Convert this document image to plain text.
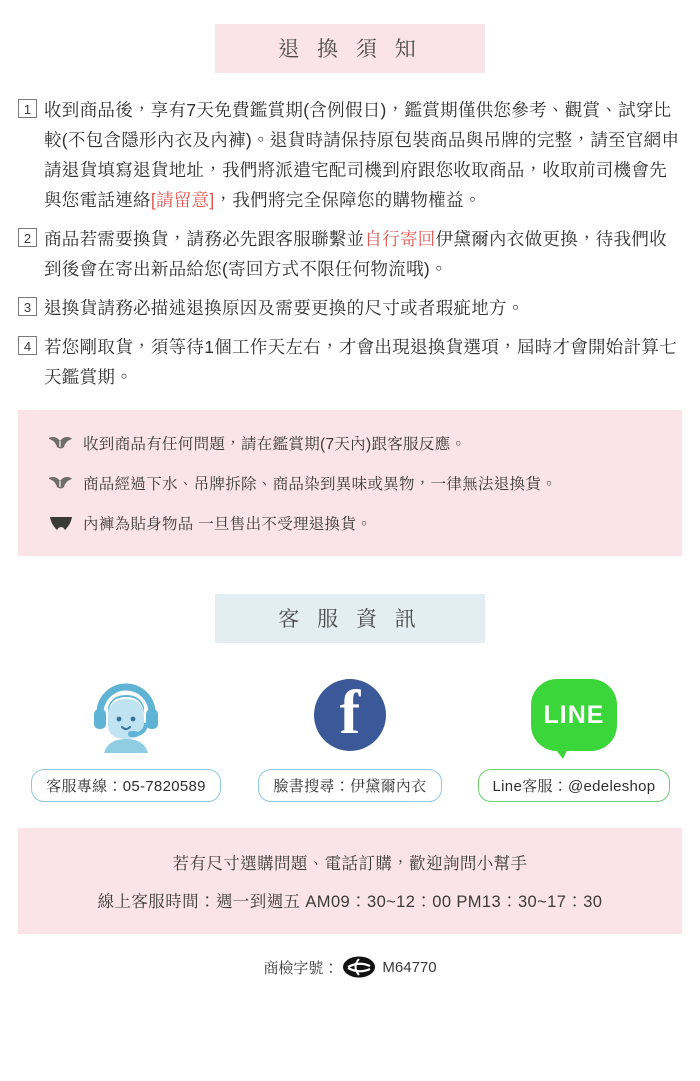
退 換 須 知
1 收到商品後，享有7天免費鑑賞期(含例假日)，鑑賞期僅供您參考、觀賞、試穿比較(不包含隱形內衣及內褲)。退貨時請保持原包裝商品與吊牌的完整，請至官網申請退貨填寫退貨地址，我們將派遣宅配司機到府跟您收取商品，收取前司機會先與您電話連絡[請留意]，我們將完全保障您的購物權益。
2 商品若需要換貨，請務必先跟客服聯繫並自行寄回伊黛爾內衣做更換，待我們收到後會在寄出新品給您(寄回方式不限任何物流哦)。
3 退換貨請務必描述退換原因及需要更換的尺寸或者瑕疵地方。
4 若您剛取貨，須等待1個工作天左右，才會出現退換貨選項，屆時才會開始計算七天鑑賞期。
收到商品有任何問題，請在鑑賞期(7天內)跟客服反應。
商品經過下水、吊牌拆除、商品染到異味或異物，一律無法退換貨。
內褲為貼身物品 一旦售出不受理退換貨。
客 服 資 訊
客服專線：05-7820589
f	臉書搜尋：伊黛爾內衣
LINE
Line客服：@edeleshop
若有尺寸選購問題、電話訂購，歡迎詢問小幫手
線上客服時間：週一到週五 AM09：30~12：00 PM13：30~17：30
商檢字號：	M64770
